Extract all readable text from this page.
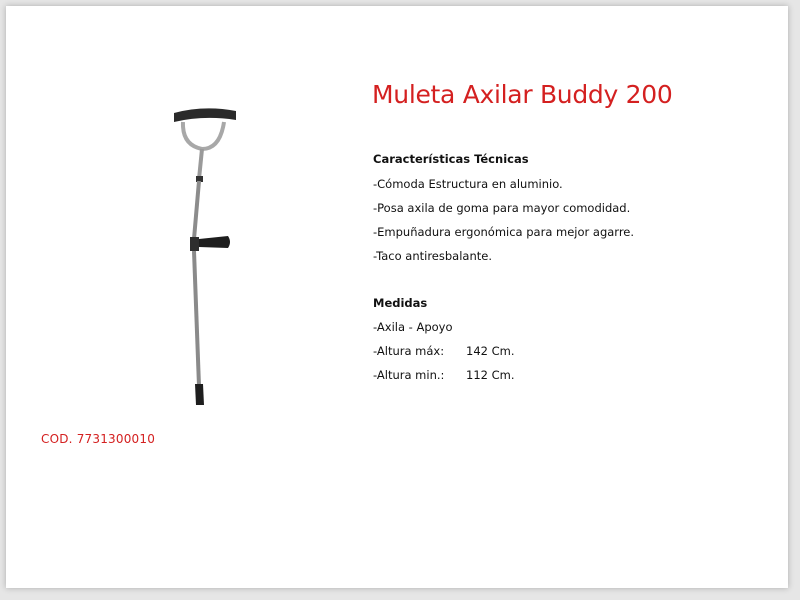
COD. 7731300010
Muleta Axilar Buddy 200
Características Técnicas
-Cómoda Estructura en aluminio.
-Posa axila de goma para mayor comodidad.
-Empuñadura ergonómica para mejor agarre.
-Taco antiresbalante.
Medidas
-Axila - Apoyo
-Altura máx: 142 Cm.
-Altura min.: 112 Cm.
